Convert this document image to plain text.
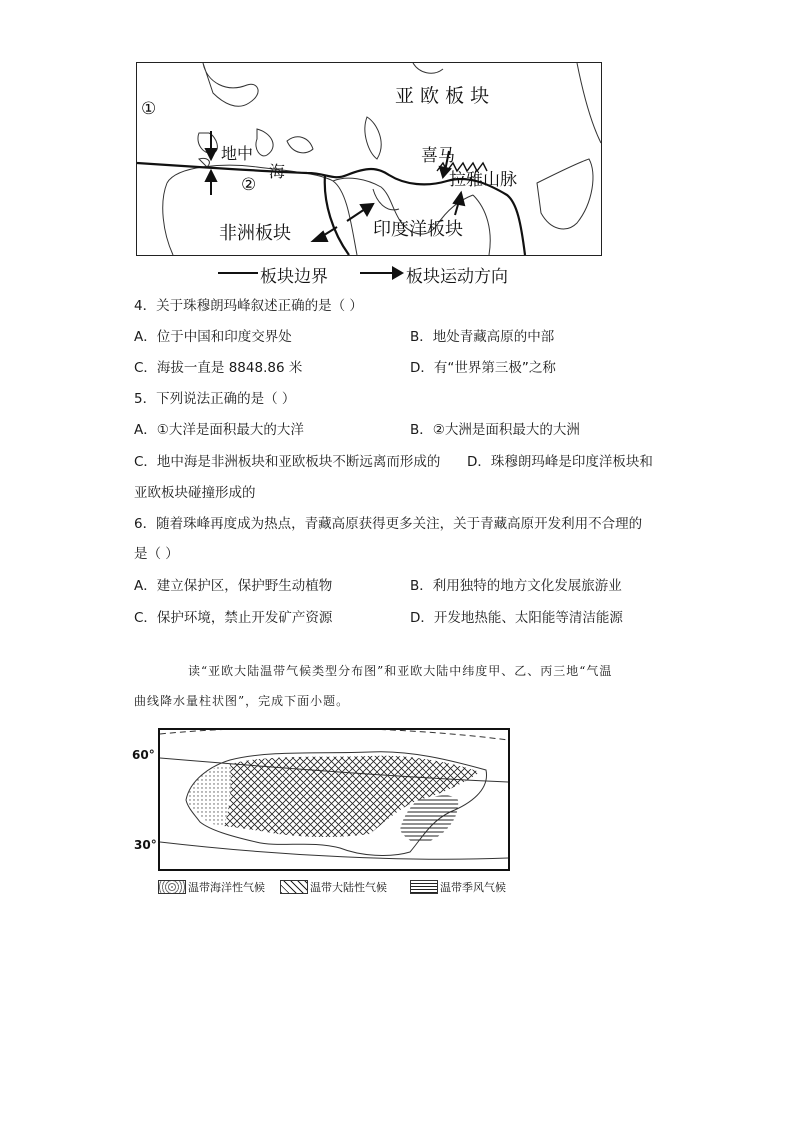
①
亚 欧 板 块
地中
海
②
喜马
拉雅山脉
非洲板块	印度洋板块
板块边界	板块运动方向
4．关于珠穆朗玛峰叙述正确的是（ ）
A．位于中国和印度交界处	B．地处青藏高原的中部
C．海拔一直是 8848.86 米	D．有“世界第三极”之称
5．下列说法正确的是（ ）
A．①大洋是面积最大的大洋	B．②大洲是面积最大的大洲
C．地中海是非洲板块和亚欧板块不断远离而形成的 D．珠穆朗玛峰是印度洋板块和
亚欧板块碰撞形成的
6．随着珠峰再度成为热点，青藏高原获得更多关注，关于青藏高原开发利用不合理的
是（ ）
A．建立保护区，保护野生动植物	B．利用独特的地方文化发展旅游业
C．保护环境，禁止开发矿产资源	D．开发地热能、太阳能等清洁能源
读“亚欧大陆温带气候类型分布图”和亚欧大陆中纬度甲、乙、丙三地“气温
曲线降水量柱状图”，完成下面小题。
60°
30°
温带海洋性气候	温带大陆性气候	温带季风气候
